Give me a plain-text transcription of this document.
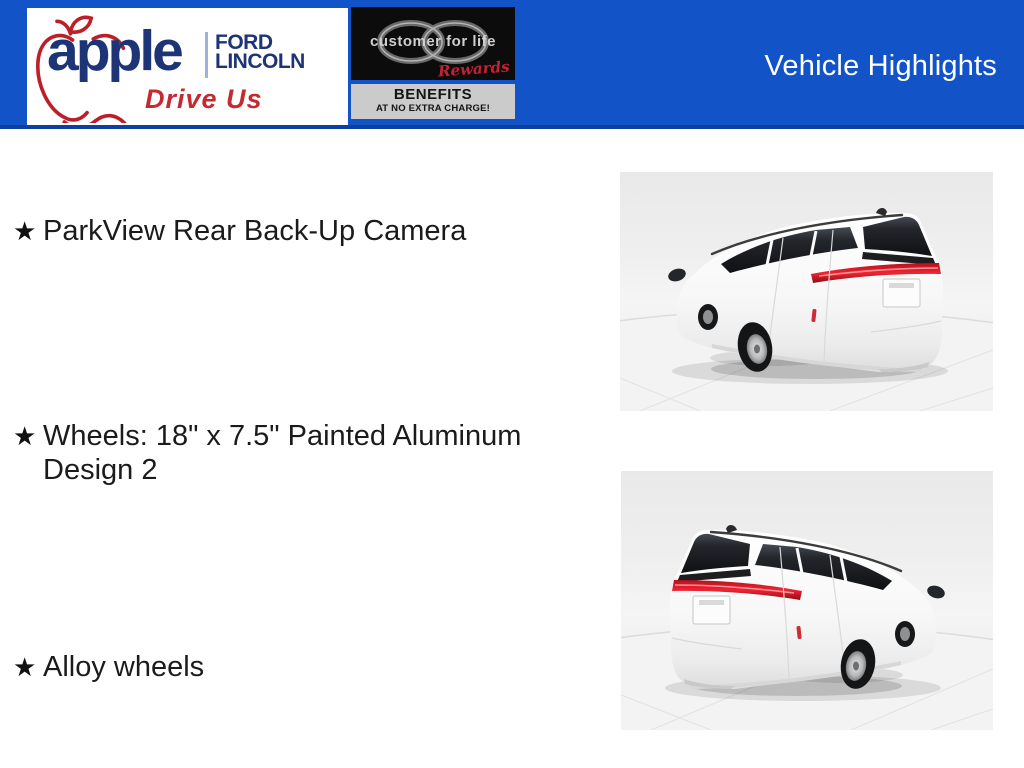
apple FORD
LINCOLN
Drive Us
customer for life
Rewards
BENEFITS
AT NO EXTRA CHARGE!
Vehicle Highlights
★ ParkView Rear Back-Up Camera
★ Wheels: 18" x 7.5" Painted Aluminum Design 2
★ Alloy wheels
